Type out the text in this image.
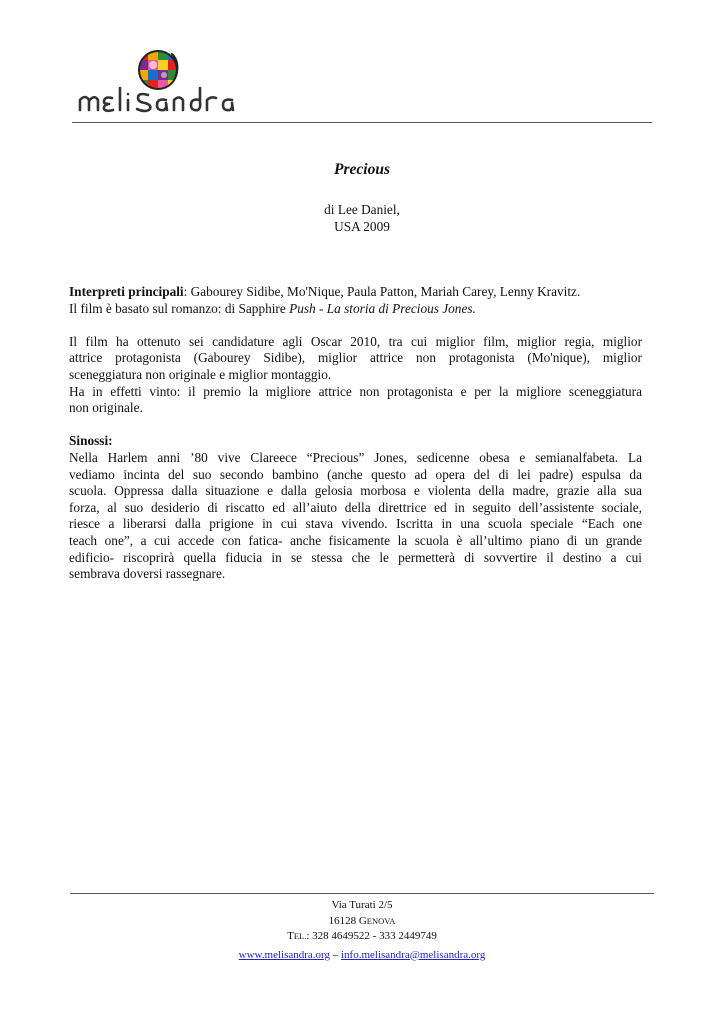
Precious
di Lee Daniel,
USA 2009

Interpreti principali: Gabourey Sidibe, Mo'Nique, Paula Patton, Mariah Carey, Lenny Kravitz.
Il film è basato sul romanzo: di Sapphire Push - La storia di Precious Jones.

Il film ha ottenuto sei candidature agli Oscar 2010, tra cui miglior film, miglior regia, miglior
attrice protagonista (Gabourey Sidibe), miglior attrice non protagonista (Mo'nique), miglior
sceneggiatura non originale e miglior montaggio.
Ha in effetti vinto: il premio la migliore attrice non protagonista e per la migliore sceneggiatura
non originale.

Sinossi:
Nella Harlem anni ’80 vive Clareece “Precious” Jones, sedicenne obesa e semianalfabeta. La
vediamo incinta del suo secondo bambino (anche questo ad opera del di lei padre) espulsa da
scuola. Oppressa dalla situazione e dalla gelosia morbosa e violenta della madre, grazie alla sua
forza, al suo desiderio di riscatto ed all’aiuto della direttrice ed in seguito dell’assistente sociale,
riesce a liberarsi dalla prigione in cui stava vivendo. Iscritta in una scuola speciale “Each one
teach one”, a cui accede con fatica- anche fisicamente la scuola è all’ultimo piano di un grande
edificio- riscoprirà quella fiducia in se stessa che le permetterà di sovvertire il destino a cui
sembrava doversi rassegnare.

Via Turati 2/5
16128 GENOVA
TEL.: 328 4649522 - 333 2449749
www.melisandra.org – info.melisandra@melisandra.org
